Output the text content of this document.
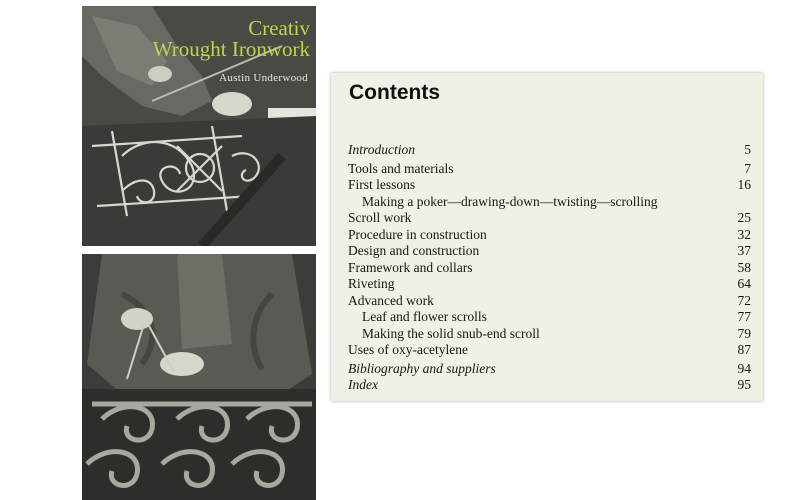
Creativ
Wrought Ironwork
Austin Underwood
Contents
Introduction	5
Tools and materials	7
First lessons	16
Making a poker—drawing-down—twisting—scrolling
Scroll work	25
Procedure in construction	32
Design and construction	37
Framework and collars	58
Riveting	64
Advanced work	72
Leaf and flower scrolls	77
Making the solid snub-end scroll	79
Uses of oxy-acetylene	87
Bibliography and suppliers	94
Index	95
